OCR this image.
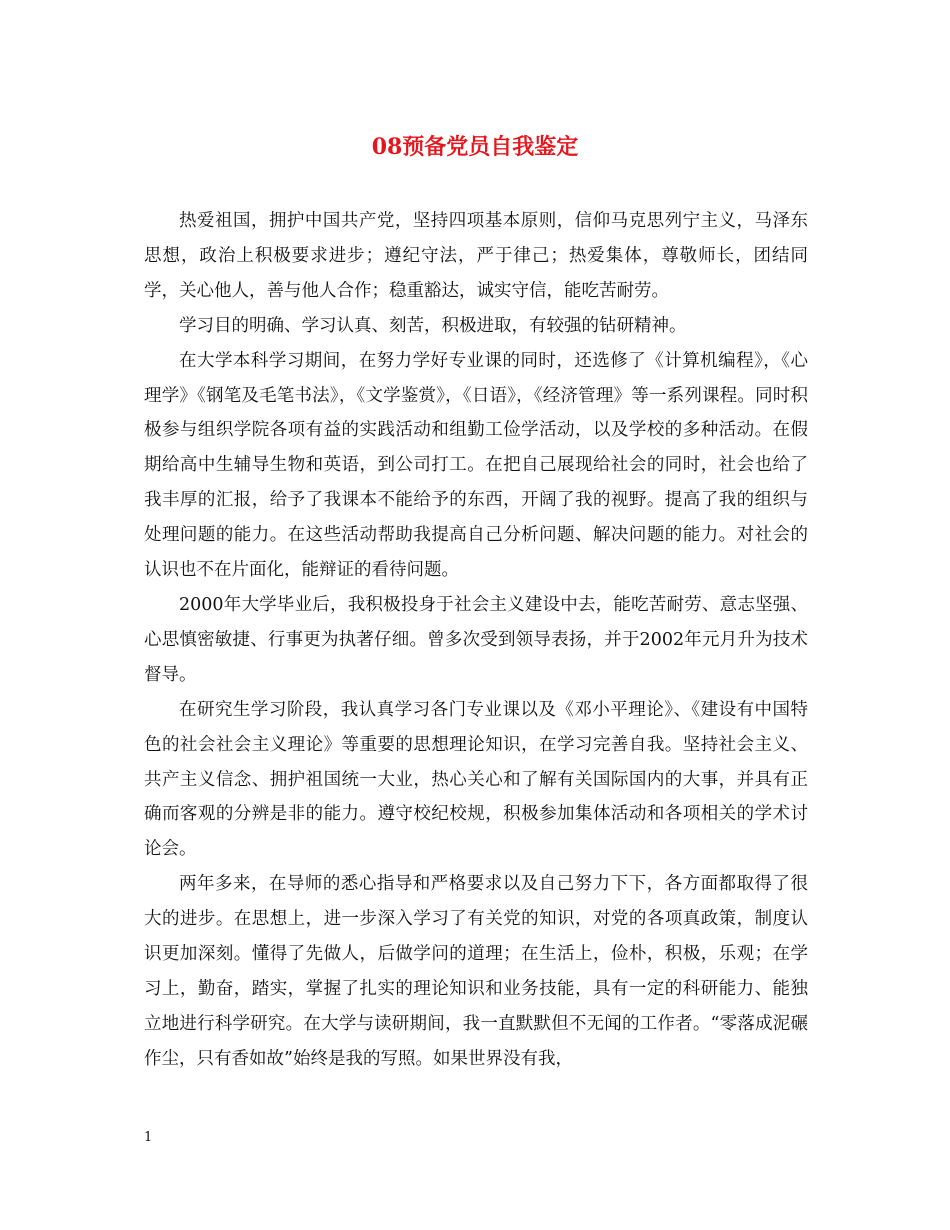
08预备党员自我鉴定

热爱祖国，拥护中国共产党，坚持四项基本原则，信仰马克思列宁主义，马泽东思想，政治上积极要求进步；遵纪守法，严于律己；热爱集体，尊敬师长，团结同学，关心他人，善与他人合作；稳重豁达，诚实守信，能吃苦耐劳。

学习目的明确、学习认真、刻苦，积极进取，有较强的钻研精神。

在大学本科学习期间，在努力学好专业课的同时，还选修了《计算机编程》，《心理学》《钢笔及毛笔书法》，《文学鉴赏》，《日语》，《经济管理》等一系列课程。同时积极参与组织学院各项有益的实践活动和组勤工俭学活动，以及学校的多种活动。在假期给高中生辅导生物和英语，到公司打工。在把自己展现给社会的同时，社会也给了我丰厚的汇报，给予了我课本不能给予的东西，开阔了我的视野。提高了我的组织与处理问题的能力。在这些活动帮助我提高自己分析问题、解决问题的能力。对社会的认识也不在片面化，能辩证的看待问题。

2000年大学毕业后，我积极投身于社会主义建设中去，能吃苦耐劳、意志坚强、心思慎密敏捷、行事更为执著仔细。曾多次受到领导表扬，并于2002年元月升为技术督导。

在研究生学习阶段，我认真学习各门专业课以及《邓小平理论》、《建设有中国特色的社会社会主义理论》等重要的思想理论知识，在学习完善自我。坚持社会主义、共产主义信念、拥护祖国统一大业，热心关心和了解有关国际国内的大事，并具有正确而客观的分辨是非的能力。遵守校纪校规，积极参加集体活动和各项相关的学术讨论会。

两年多来，在导师的悉心指导和严格要求以及自己努力下下，各方面都取得了很大的进步。在思想上，进一步深入学习了有关党的知识，对党的各项真政策，制度认识更加深刻。懂得了先做人，后做学问的道理；在生活上，俭朴，积极，乐观；在学习上，勤奋，踏实，掌握了扎实的理论知识和业务技能，具有一定的科研能力、能独立地进行科学研究。在大学与读研期间，我一直默默但不无闻的工作者。“零落成泥碾作尘，只有香如故”始终是我的写照。如果世界没有我，

1
